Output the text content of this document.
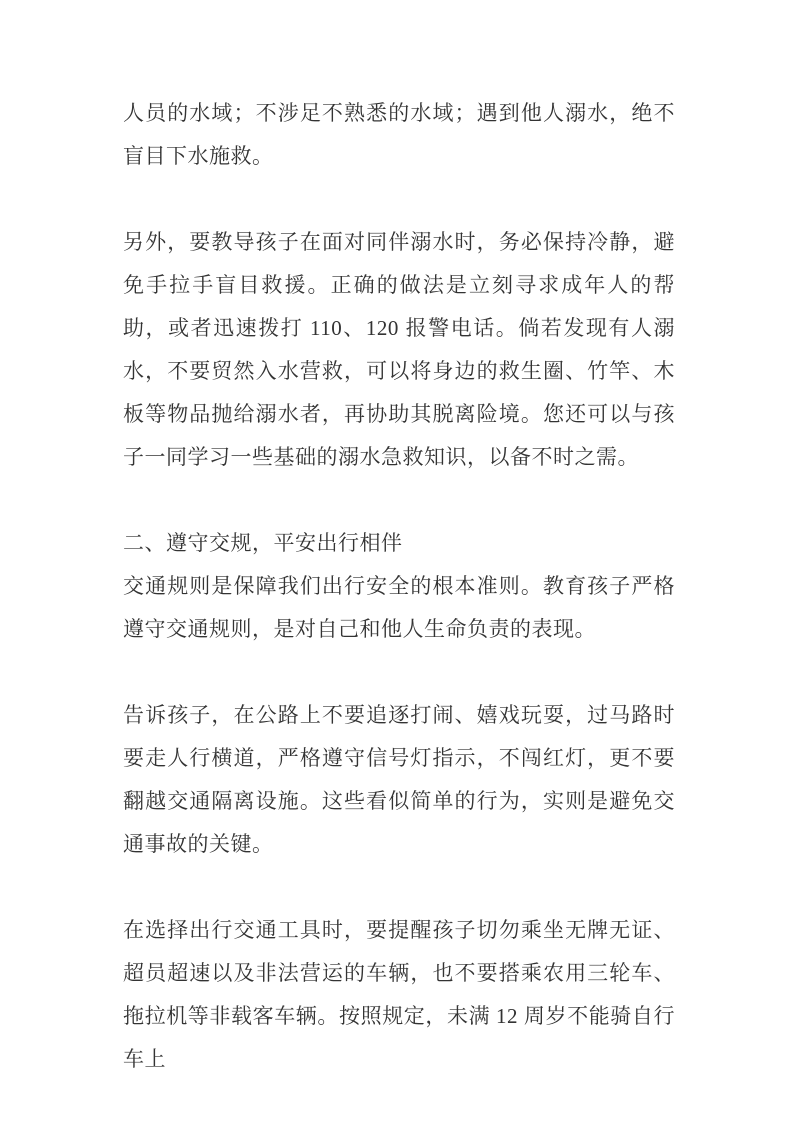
人员的水域；不涉足不熟悉的水域；遇到他人溺水，绝不盲目下水施救。

另外，要教导孩子在面对同伴溺水时，务必保持冷静，避免手拉手盲目救援。正确的做法是立刻寻求成年人的帮助，或者迅速拨打 110、120 报警电话。倘若发现有人溺水，不要贸然入水营救，可以将身边的救生圈、竹竿、木板等物品抛给溺水者，再协助其脱离险境。您还可以与孩子一同学习一些基础的溺水急救知识，以备不时之需。

二、遵守交规，平安出行相伴

交通规则是保障我们出行安全的根本准则。教育孩子严格遵守交通规则，是对自己和他人生命负责的表现。

告诉孩子，在公路上不要追逐打闹、嬉戏玩耍，过马路时要走人行横道，严格遵守信号灯指示，不闯红灯，更不要翻越交通隔离设施。这些看似简单的行为，实则是避免交通事故的关键。

在选择出行交通工具时，要提醒孩子切勿乘坐无牌无证、超员超速以及非法营运的车辆，也不要搭乘农用三轮车、拖拉机等非载客车辆。按照规定，未满 12 周岁不能骑自行车上
